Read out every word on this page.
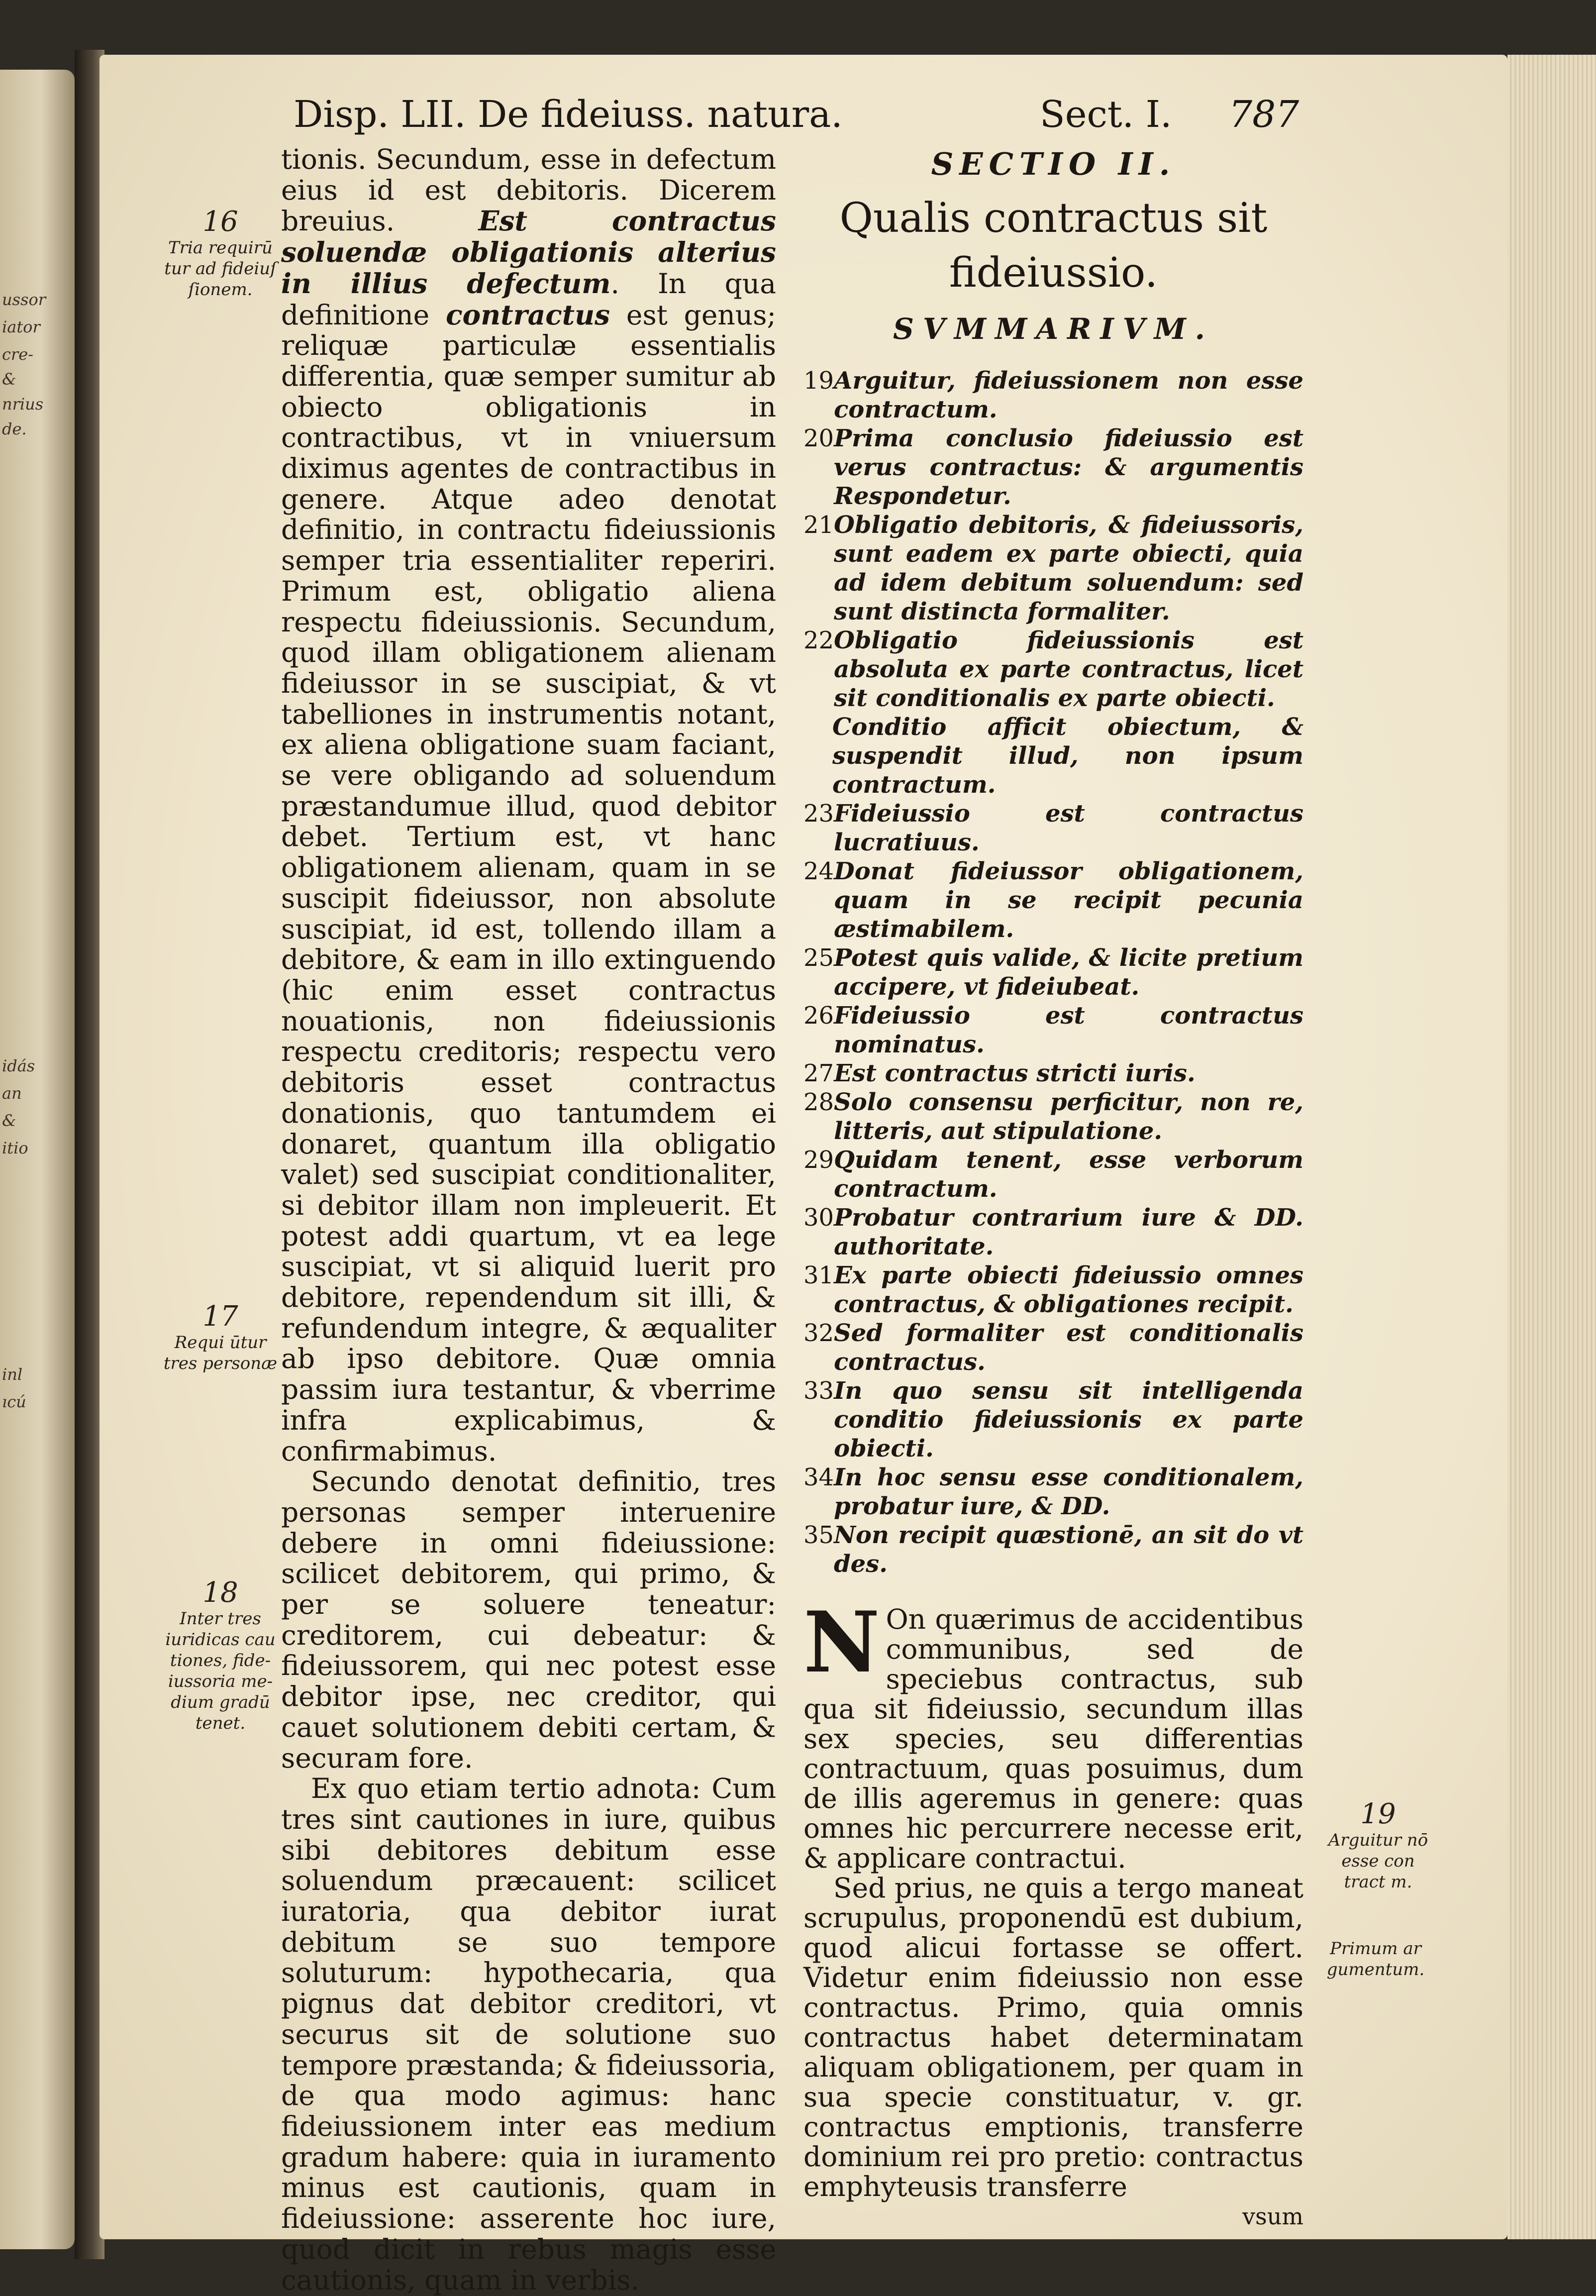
ussor
iator
cre-
&
nrius
de.
idás
an
&
itio
inl
ıcú
Disp. LII. De fideiuss. natura.	Sect. I. 787

tionis. Secundum, esse in defectum eius id est debitoris. Dicerem breuius. Est contractus soluendæ obligationis alterius in illius defectum. In qua definitione contractus est genus; reliquæ particulæ essentialis differentia, quæ semper sumitur ab obiecto obligationis in contractibus, vt in vniuersum diximus agentes de contractibus in genere. Atque adeo denotat definitio, in contractu fideiussionis semper tria essentialiter reperiri. Primum est, obligatio aliena respectu fideiussionis. Secundum, quod illam obligationem alienam fideiussor in se suscipiat, & vt tabelliones in instrumentis notant, ex aliena obligatione suam faciant, se vere obligando ad soluendum præstandumue illud, quod debitor debet. Tertium est, vt hanc obligationem alienam, quam in se suscipit fideiussor, non absolute suscipiat, id est, tollendo illam a debitore, & eam in illo extinguendo (hic enim esset contractus nouationis, non fideiussionis respectu creditoris; respectu vero debitoris esset contractus donationis, quo tantumdem ei donaret, quantum illa obligatio valet) sed suscipiat conditionaliter, si debitor illam non impleuerit. Et potest addi quartum, vt ea lege suscipiat, vt si aliquid luerit pro debitore, rependendum sit illi, & refundendum integre, & æqualiter ab ipso debitore. Quæ omnia passim iura testantur, & vberrime infra explicabimus, & confirmabimus.

Secundo denotat definitio, tres personas semper interuenire debere in omni fideiussione: scilicet debitorem, qui primo, & per se soluere teneatur: creditorem, cui debeatur: & fideiussorem, qui nec potest esse debitor ipse, nec creditor, qui cauet solutionem debiti certam, & securam fore.

Ex quo etiam tertio adnota: Cum tres sint cautiones in iure, quibus sibi debitores debitum esse soluendum præcauent: scilicet iuratoria, qua debitor iurat debitum se suo tempore soluturum: hypothecaria, qua pignus dat debitor creditori, vt securus sit de solutione suo tempore præstanda; & fideiussoria, de qua modo agimus: hanc fideiussionem inter eas medium gradum habere: quia in iuramento minus est cautionis, quam in fideiussione: asserente hoc iure, quod dicit in rebus magis esse cautionis, quam in verbis.

16
Tria requirū tur ad fideiuſ ſionem.
17
Requi ūtur tres personæ
18
Inter tres iuridicas cau tiones, fide- iussoria me- dium gradū tenet.

SECTIO II.

Qualis contractus sit fideiussio.

SVMMARIVM.

19 Arguitur, fideiussionem non esse contractum.
20 Prima conclusio fideiussio est verus contractus: & argumentis Respondetur.
21 Obligatio debitoris, & fideiussoris, sunt eadem ex parte obiecti, quia ad idem debitum soluendum: sed sunt distincta formaliter.
22 Obligatio fideiussionis est absoluta ex parte contractus, licet sit conditionalis ex parte obiecti.
Conditio afficit obiectum, & suspendit illud, non ipsum contractum.
23 Fideiussio est contractus lucratiuus.
24 Donat fideiussor obligationem, quam in se recipit pecunia æstimabilem.
25 Potest quis valide, & licite pretium accipere, vt fideiubeat.
26 Fideiussio est contractus nominatus.
27 Est contractus stricti iuris.
28 Solo consensu perficitur, non re, litteris, aut stipulatione.
29 Quidam tenent, esse verborum contractum.
30 Probatur contrarium iure & DD. authoritate.
31 Ex parte obiecti fideiussio omnes contractus, & obligationes recipit.
32 Sed formaliter est conditionalis contractus.
33 In quo sensu sit intelligenda conditio fideiussionis ex parte obiecti.
34 In hoc sensu esse conditionalem, probatur iure, & DD.
35 Non recipit quæstionē, an sit do vt des.

N On quærimus de accidentibus communibus, sed de speciebus contractus, sub qua sit fideiussio, secundum illas sex species, seu differentias contractuum, quas posuimus, dum de illis ageremus in genere: quas omnes hic percurrere necesse erit, & applicare contractui.

Sed prius, ne quis a tergo maneat scrupulus, proponendū est dubium, quod alicui fortasse se offert. Videtur enim fideiussio non esse contractus. Primo, quia omnis contractus habet determinatam aliquam obligationem, per quam in sua specie constituatur, v. gr. contractus emptionis, transferre dominium rei pro pretio: contractus emphyteusis transferre

vsum

19
Arguitur nō esse con tract m.
Primum ar gumentum.
